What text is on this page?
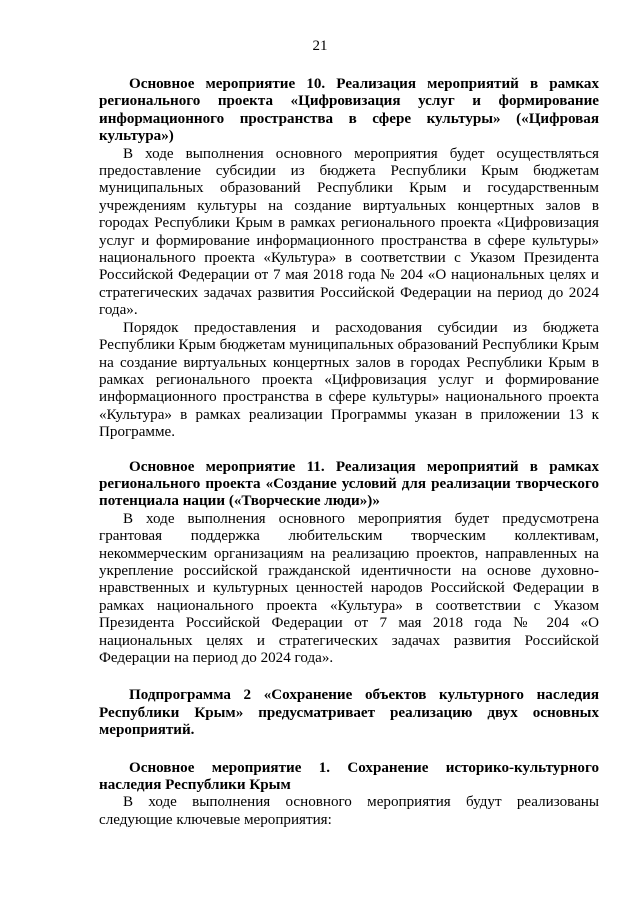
21

Основное мероприятие 10. Реализация мероприятий в рамках регионального проекта «Цифровизация услуг и формирование информационного пространства в сфере культуры» («Цифровая культура»)

В ходе выполнения основного мероприятия будет осуществляться предоставление субсидии из бюджета Республики Крым бюджетам муниципальных образований Республики Крым и государственным учреждениям культуры на создание виртуальных концертных залов в городах Республики Крым в рамках регионального проекта «Цифровизация услуг и формирование информационного пространства в сфере культуры» национального проекта «Культура» в соответствии с Указом Президента Российской Федерации от 7 мая 2018 года № 204 «О национальных целях и стратегических задачах развития Российской Федерации на период до 2024 года».

Порядок предоставления и расходования субсидии из бюджета Республики Крым бюджетам муниципальных образований Республики Крым на создание виртуальных концертных залов в городах Республики Крым в рамках регионального проекта «Цифровизация услуг и формирование информационного пространства в сфере культуры» национального проекта «Культура» в рамках реализации Программы указан в приложении 13 к Программе.

Основное мероприятие 11. Реализация мероприятий в рамках регионального проекта «Создание условий для реализации творческого потенциала нации («Творческие люди»)»

В ходе выполнения основного мероприятия будет предусмотрена грантовая поддержка любительским творческим коллективам, некоммерческим организациям на реализацию проектов, направленных на укрепление российской гражданской идентичности на основе духовно-нравственных и культурных ценностей народов Российской Федерации в рамках национального проекта «Культура» в соответствии с Указом Президента Российской Федерации от 7 мая 2018 года № 204 «О национальных целях и стратегических задачах развития Российской Федерации на период до 2024 года».

Подпрограмма 2 «Сохранение объектов культурного наследия Республики Крым» предусматривает реализацию двух основных мероприятий.

Основное мероприятие 1. Сохранение историко-культурного наследия Республики Крым

В ходе выполнения основного мероприятия будут реализованы следующие ключевые мероприятия:
